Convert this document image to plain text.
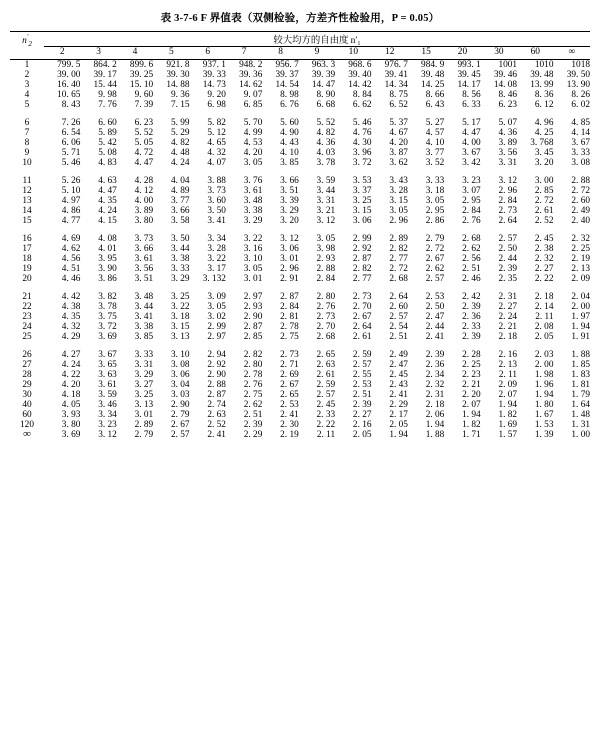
表 3-7-6 F 界值表（双侧检验，方差齐性检验用，P = 0.05）
$n'_2$	较大均方的自由度 n′₁														
	2	3	4	5	6	7	8	9	10	12	15	20	30	60	∞

1	799. 5	864. 2	899. 6	921. 8	937. 1	948. 2	956. 7	963. 3	968. 6	976. 7	984. 9	993. 1	1001	1010	1018
2	39. 00	39. 17	39. 25	39. 30	39. 33	39. 36	39. 37	39. 39	39. 40	39. 41	39. 48	39. 45	39. 46	39. 48	39. 50
3	16. 40	15. 44	15. 10	14. 88	14. 73	14. 62	14. 54	14. 47	14. 42	14. 34	14. 25	14. 17	14. 08	13. 99	13. 90
4	10. 65	9. 98	9. 60	9. 36	9. 20	9. 07	8. 98	8. 90	8. 84	8. 75	8. 66	8. 56	8. 46	8. 36	8. 26
5	8. 43	7. 76	7. 39	7. 15	6. 98	6. 85	6. 76	6. 68	6. 62	6. 52	6. 43	6. 33	6. 23	6. 12	6. 02

6	7. 26	6. 60	6. 23	5. 99	5. 82	5. 70	5. 60	5. 52	5. 46	5. 37	5. 27	5. 17	5. 07	4. 96	4. 85
7	6. 54	5. 89	5. 52	5. 29	5. 12	4. 99	4. 90	4. 82	4. 76	4. 67	4. 57	4. 47	4. 36	4. 25	4. 14
8	6. 06	5. 42	5. 05	4. 82	4. 65	4. 53	4. 43	4. 36	4. 30	4. 20	4. 10	4. 00	3. 89	3. 768	3. 67
9	5. 71	5. 08	4. 72	4. 48	4. 32	4. 20	4. 10	4. 03	3. 96	3. 87	3. 77	3. 67	3. 56	3. 45	3. 33
10	5. 46	4. 83	4. 47	4. 24	4. 07	3. 05	3. 85	3. 78	3. 72	3. 62	3. 52	3. 42	3. 31	3. 20	3. 08

11	5. 26	4. 63	4. 28	4. 04	3. 88	3. 76	3. 66	3. 59	3. 53	3. 43	3. 33	3. 23	3. 12	3. 00	2. 88
12	5. 10	4. 47	4. 12	4. 89	3. 73	3. 61	3. 51	3. 44	3. 37	3. 28	3. 18	3. 07	2. 96	2. 85	2. 72
13	4. 97	4. 35	4. 00	3. 77	3. 60	3. 48	3. 39	3. 31	3. 25	3. 15	3. 05	2. 95	2. 84	2. 72	2. 60
14	4. 86	4. 24	3. 89	3. 66	3. 50	3. 38	3. 29	3. 21	3. 15	3. 05	2. 95	2. 84	2. 73	2. 61	2. 49
15	4. 77	4. 15	3. 80	3. 58	3. 41	3. 29	3. 20	3. 12	3. 06	2. 96	2. 86	2. 76	2. 64	2. 52	2. 40

16	4. 69	4. 08	3. 73	3. 50	3. 34	3. 22	3. 12	3. 05	2. 99	2. 89	2. 79	2. 68	2. 57	2. 45	2. 32
17	4. 62	4. 01	3. 66	3. 44	3. 28	3. 16	3. 06	3. 98	2. 92	2. 82	2. 72	2. 62	2. 50	2. 38	2. 25
18	4. 56	3. 95	3. 61	3. 38	3. 22	3. 10	3. 01	2. 93	2. 87	2. 77	2. 67	2. 56	2. 44	2. 32	2. 19
19	4. 51	3. 90	3. 56	3. 33	3. 17	3. 05	2. 96	2. 88	2. 82	2. 72	2. 62	2. 51	2. 39	2. 27	2. 13
20	4. 46	3. 86	3. 51	3. 29	3. 132	3. 01	2. 91	2. 84	2. 77	2. 68	2. 57	2. 46	2. 35	2. 22	2. 09

21	4. 42	3. 82	3. 48	3. 25	3. 09	2. 97	2. 87	2. 80	2. 73	2. 64	2. 53	2. 42	2. 31	2. 18	2. 04
22	4. 38	3. 78	3. 44	3. 22	3. 05	2. 93	2. 84	2. 76	2. 70	2. 60	2. 50	2. 39	2. 27	2. 14	2. 00
23	4. 35	3. 75	3. 41	3. 18	3. 02	2. 90	2. 81	2. 73	2. 67	2. 57	2. 47	2. 36	2. 24	2. 11	1. 97
24	4. 32	3. 72	3. 38	3. 15	2. 99	2. 87	2. 78	2. 70	2. 64	2. 54	2. 44	2. 33	2. 21	2. 08	1. 94
25	4. 29	3. 69	3. 85	3. 13	2. 97	2. 85	2. 75	2. 68	2. 61	2. 51	2. 41	2. 39	2. 18	2. 05	1. 91

26	4. 27	3. 67	3. 33	3. 10	2. 94	2. 82	2. 73	2. 65	2. 59	2. 49	2. 39	2. 28	2. 16	2. 03	1. 88
27	4. 24	3. 65	3. 31	3. 08	2. 92	2. 80	2. 71	2. 63	2. 57	2. 47	2. 36	2. 25	2. 13	2. 00	1. 85
28	4. 22	3. 63	3. 29	3. 06	2. 90	2. 78	2. 69	2. 61	2. 55	2. 45	2. 34	2. 23	2. 11	1. 98	1. 83
29	4. 20	3. 61	3. 27	3. 04	2. 88	2. 76	2. 67	2. 59	2. 53	2. 43	2. 32	2. 21	2. 09	1. 96	1. 81
30	4. 18	3. 59	3. 25	3. 03	2. 87	2. 75	2. 65	2. 57	2. 51	2. 41	2. 31	2. 20	2. 07	1. 94	1. 79
40	4. 05	3. 46	3. 13	2. 90	2. 74	2. 62	2. 53	2. 45	2. 39	2. 29	2. 18	2. 07	1. 94	1. 80	1. 64
60	3. 93	3. 34	3. 01	2. 79	2. 63	2. 51	2. 41	2. 33	2. 27	2. 17	2. 06	1. 94	1. 82	1. 67	1. 48
120	3. 80	3. 23	2. 89	2. 67	2. 52	2. 39	2. 30	2. 22	2. 16	2. 05	1. 94	1. 82	1. 69	1. 53	1. 31
∞	3. 69	3. 12	2. 79	2. 57	2. 41	2. 29	2. 19	2. 11	2. 05	1. 94	1. 88	1. 71	1. 57	1. 39	1. 00
